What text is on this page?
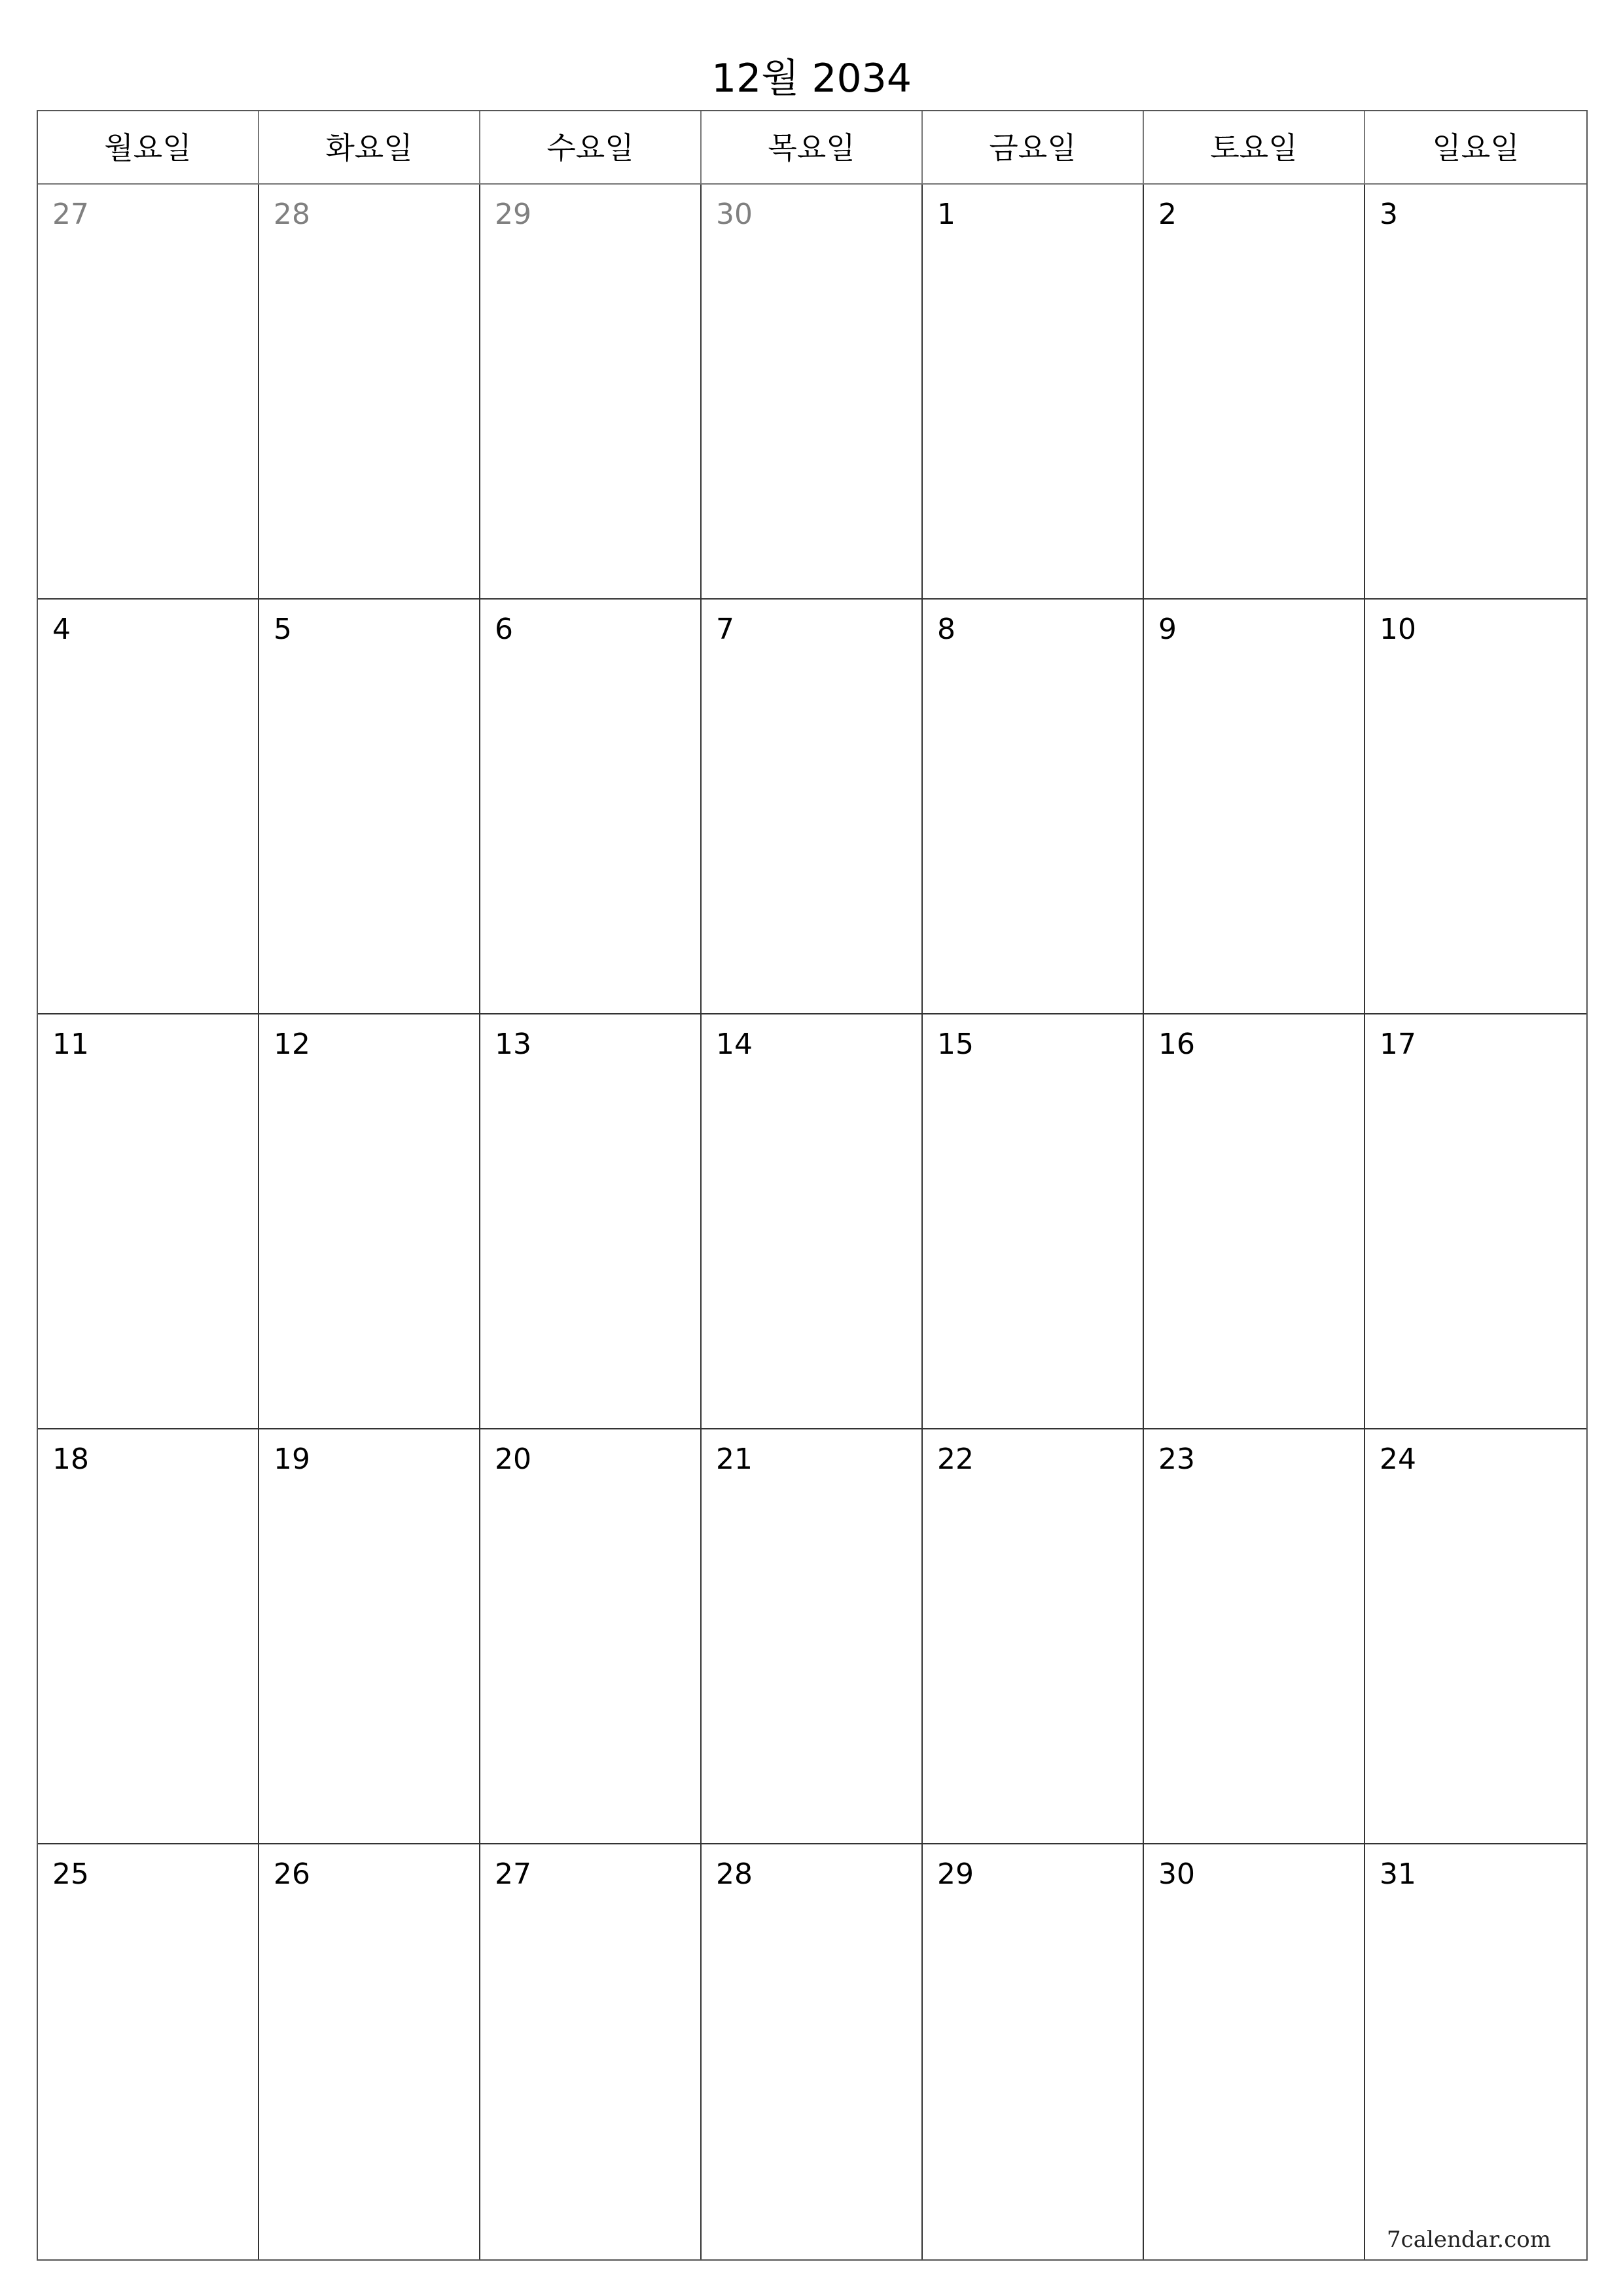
12월 2034
월요일	화요일	수요일	목요일	금요일	토요일	일요일
27	28	29	30	1	2	3
4	5	6	7	8	9	10
11	12	13	14	15	16	17
18	19	20	21	22	23	24
25	26	27	28	29	30	31
7calendar.com
